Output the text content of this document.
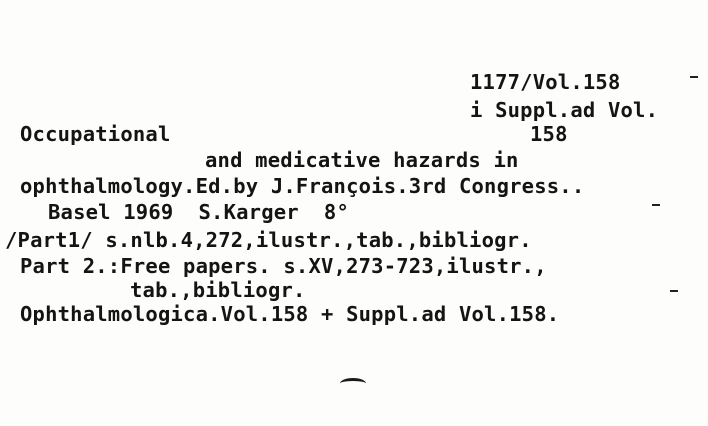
1177/Vol.158
i Suppl.ad Vol.
Occupational	158
and medicative hazards in
ophthalmology.Ed.by J.François.3rd Congress..
Basel 1969  S.Karger  8°
/Part1/ s.nlb.4,272,ilustr.,tab.,bibliogr.
Part 2.:Free papers. s.XV,273-723,ilustr.,
tab.,bibliogr.
Ophthalmologica.Vol.158 + Suppl.ad Vol.158.
